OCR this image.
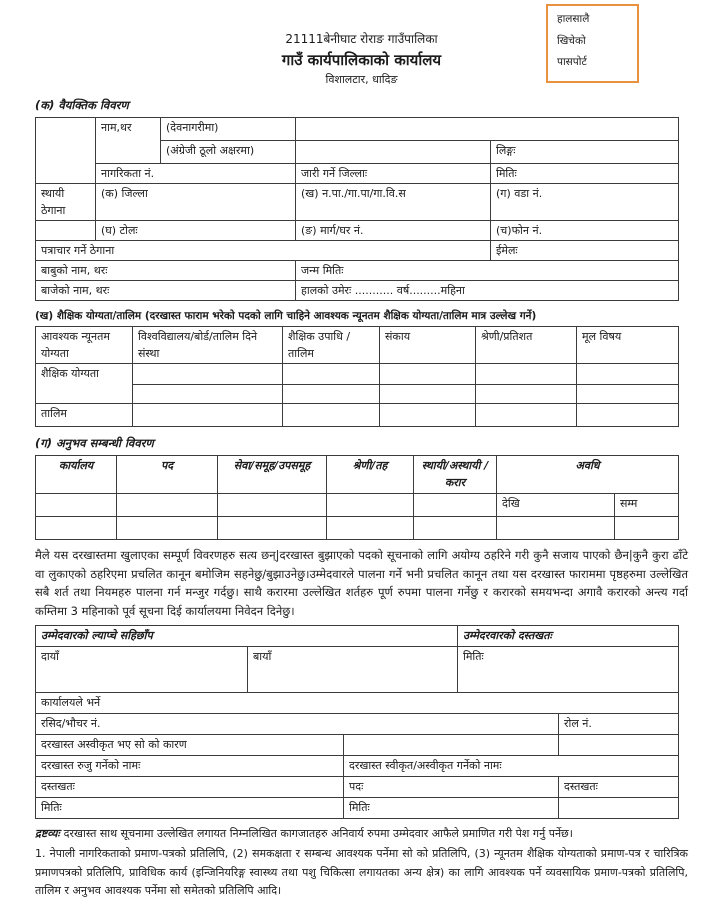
हालसालै
खिचेको
पासपोर्ट
21111बेनीघाट रोराङ गाउँपालिका
गाउँ कार्यपालिकाको कार्यालय
विशालटार, धादिङ
(क) वैयक्तिक विवरण
	नाम,थर	(देवनागरीमा)		
		(अंग्रेजी ठूलो अक्षरमा)		लिङ्गः
	नागरिकता नं.		जारी गर्ने जिल्लाः	मितिः
स्थायी ठेगाना	(क) जिल्ला		(ख) न.पा./गा.पा/गा.वि.स	(ग) वडा नं.
	(घ) टोलः		(ङ) मार्ग/घर नं.	(च)फोन नं.
पत्राचार गर्ने ठेगाना				ईमेलः
बाबुको नाम, थरः			जन्म मितिः	
बाजेको नाम, थरः			हालको उमेरः ........... वर्ष.........महिना	
(ख) शैक्षिक योग्यता/तालिम (दरखास्त फाराम भरेको पदको लागि चाहिने आवश्यक न्यूनतम शैक्षिक योग्यता/तालिम मात्र उल्लेख गर्ने)
आवश्यक न्यूनतम योग्यता	विश्वविद्यालय/बोर्ड/तालिम दिने संस्था	शैक्षिक उपाधि /तालिम	संकाय	श्रेणी/प्रतिशत	मूल विषय
शैक्षिक योग्यता					

तालिम					
(ग) अनुभव सम्बन्धी विवरण
कार्यालय	पद	सेवा/समूह/उपसमूह	श्रेणी/तह	स्थायी/अस्थायी /करार	अवधि	
					देखि	सम्म

मैले यस दरखास्तमा खुलाएका सम्पूर्ण विवरणहरु सत्य छन्|दरखास्त बुझाएको पदको सूचनाको लागि अयोग्य ठहरिने गरी कुनै सजाय पाएको छैन|कुनै कुरा ढाँटे वा लुकाएको ठहरिएमा प्रचलित कानून बमोजिम सहनेछु/बुझाउनेछु।उम्मेदवारले पालना गर्ने भनी प्रचलित कानून तथा यस दरखास्त फाराममा पृष्ठहरुमा उल्लेखित सबै शर्त तथा नियमहरु पालना गर्न मन्जुर गर्दछु। साथै करारमा उल्लेखित शर्तहरु पूर्ण रुपमा पालना गर्नेछु र करारको समयभन्दा अगावै करारको अन्त्य गर्दा कम्तिमा 3 महिनाको पूर्व सूचना दिई कार्यालयमा निवेदन दिनेछु।
उम्मेदवारको ल्याप्चे सहिछाँप			उम्मेदरवारको दस्तखतः	
दायाँ	बायाँ		मितिः	
कार्यालयले भर्ने				
रसिद/भौचर नं.				रोल नं.
दरखास्त अस्वीकृत भए सो को कारण				
दरखास्त रुजु गर्नेको नामः		दरखास्त स्वीकृत/अस्वीकृत गर्नेको नामः		
दस्तखतः		पदः		दस्तखतः
मितिः		मितिः		
द्रष्टव्यः दरखास्त साथ सूचनामा उल्लेखित लगायत निम्नलिखित कागजातहरु अनिवार्य रुपमा उम्मेदवार आफैले प्रमाणित गरी पेश गर्नु पर्नेछ।
1. नेपाली नागरिकताको प्रमाण-पत्रको प्रतिलिपि, (2) समकक्षता र सम्बन्ध आवश्यक पर्नेमा सो को प्रतिलिपि, (3) न्यूनतम शैक्षिक योग्यताको प्रमाण-पत्र र चारित्रिक प्रमाणपत्रको प्रतिलिपि, प्राविधिक कार्य (इन्जिनियरिङ्ग स्वास्थ्य तथा पशु चिकित्सा लगायतका अन्य क्षेत्र) का लागि आवश्यक पर्ने व्यवसायिक प्रमाण-पत्रको प्रतिलिपि, तालिम र अनुभव आवश्यक पर्नेमा सो समेतको प्रतिलिपि आदि।
